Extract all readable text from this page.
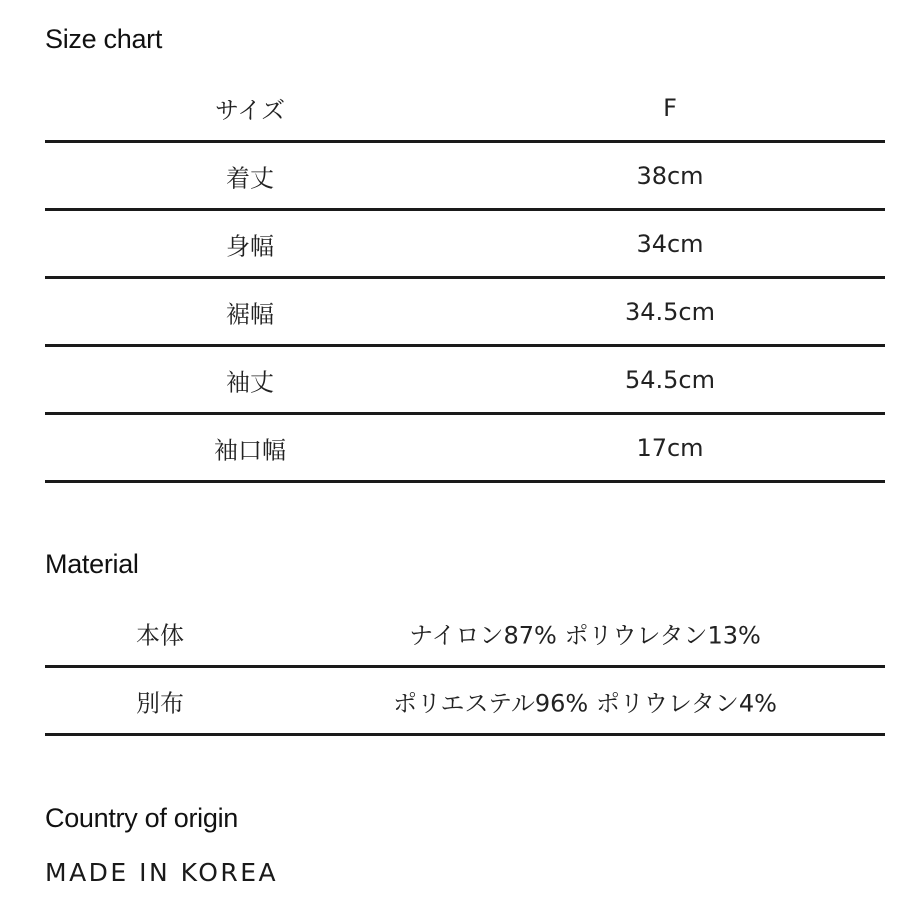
Size chart
サイズ	F
着丈	38cm
身幅	34cm
裾幅	34.5cm
袖丈	54.5cm
袖口幅	17cm
Material
本体	ナイロン87% ポリウレタン13%
別布	ポリエステル96% ポリウレタン4%
Country of origin
MADE IN KOREA
